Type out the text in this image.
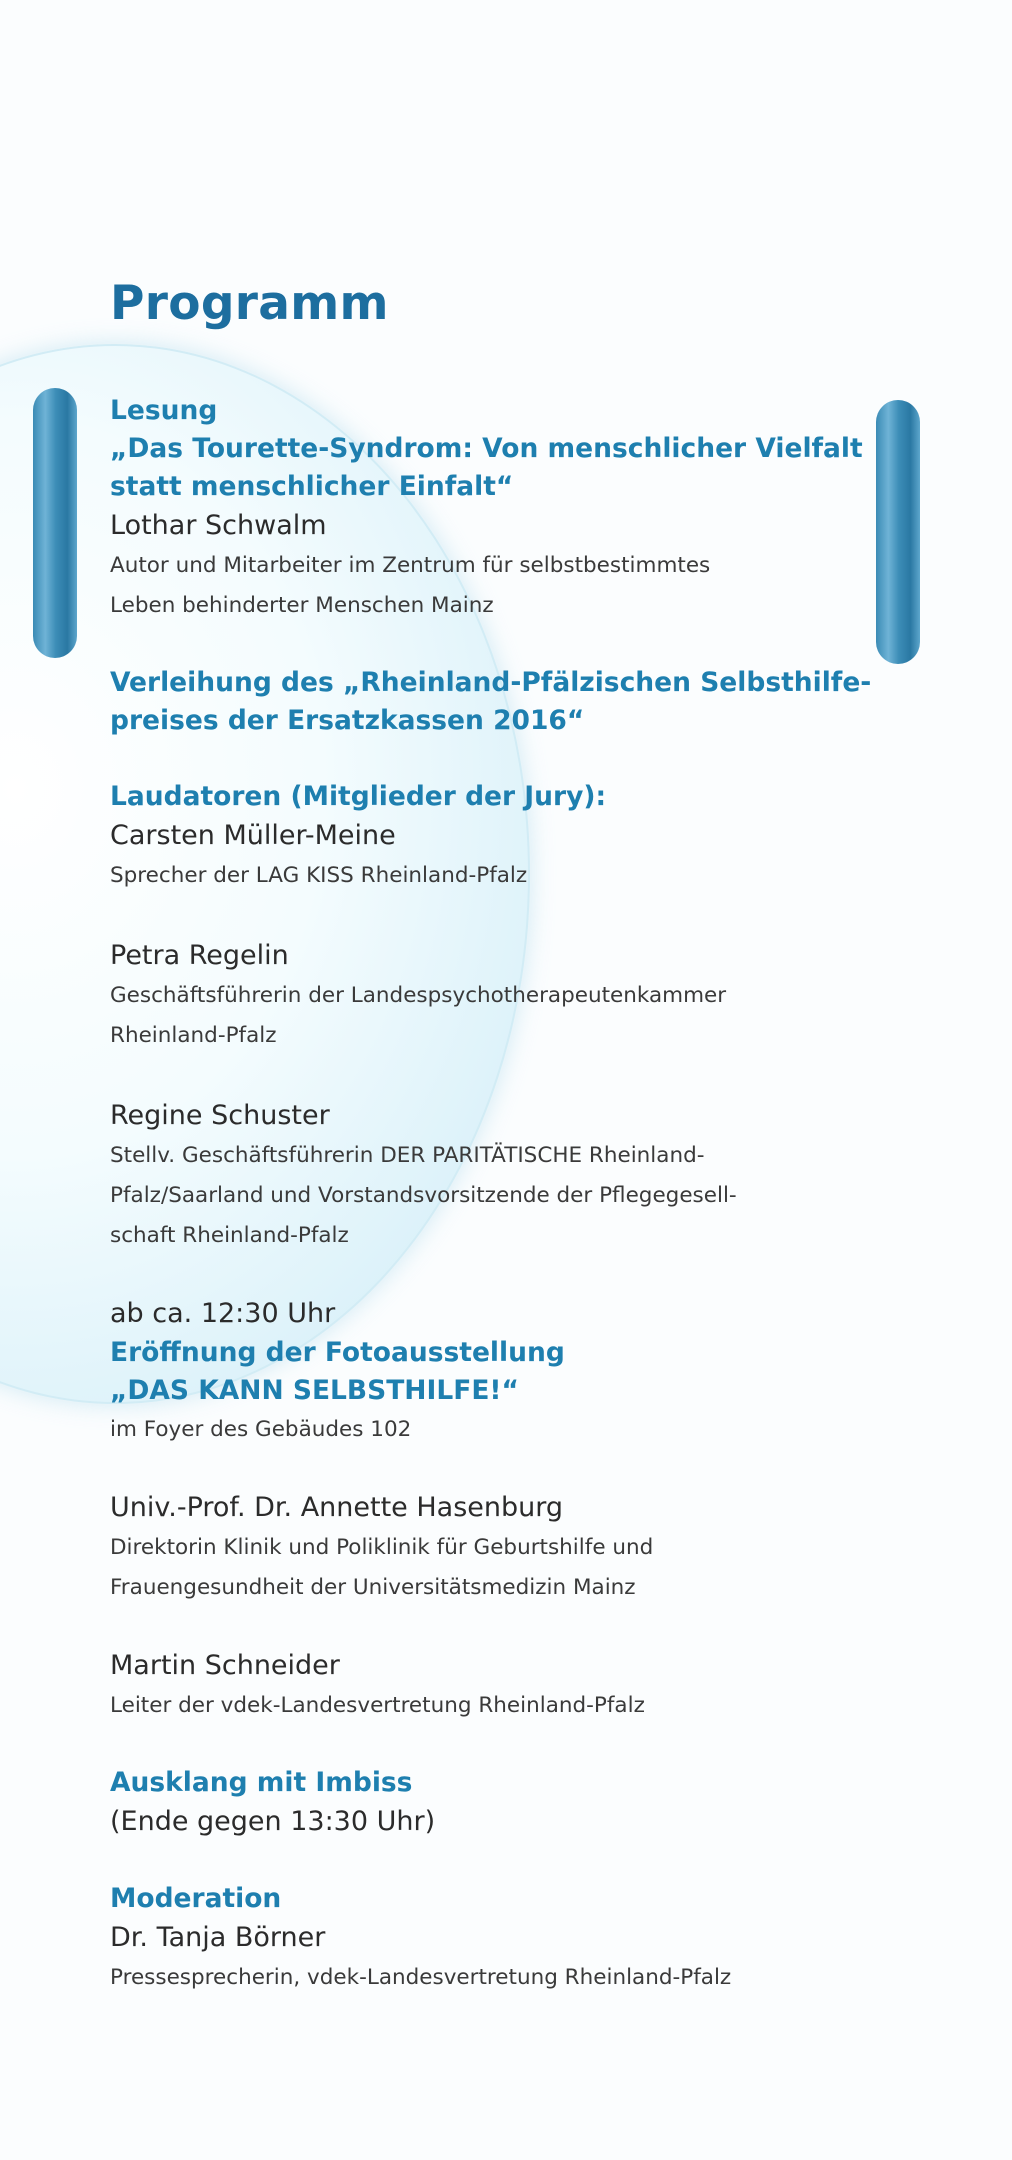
Programm
Lesung
„Das Tourette-Syndrom: Von menschlicher Vielfalt
statt menschlicher Einfalt“
Lothar Schwalm
Autor und Mitarbeiter im Zentrum für selbstbestimmtes
Leben behinderter Menschen Mainz
Verleihung des „Rheinland-Pfälzischen Selbsthilfe-
preises der Ersatzkassen 2016“
Laudatoren (Mitglieder der Jury):
Carsten Müller-Meine
Sprecher der LAG KISS Rheinland-Pfalz
Petra Regelin
Geschäftsführerin der Landespsychotherapeutenkammer
Rheinland-Pfalz
Regine Schuster
Stellv. Geschäftsführerin DER PARITÄTISCHE Rheinland-
Pfalz/Saarland und Vorstandsvorsitzende der Pflegegesell-
schaft Rheinland-Pfalz
ab ca. 12:30 Uhr
Eröffnung der Fotoausstellung
„DAS KANN SELBSTHILFE!“
im Foyer des Gebäudes 102
Univ.-Prof. Dr. Annette Hasenburg
Direktorin Klinik und Poliklinik für Geburtshilfe und
Frauengesundheit der Universitätsmedizin Mainz
Martin Schneider
Leiter der vdek-Landesvertretung Rheinland-Pfalz
Ausklang mit Imbiss
(Ende gegen 13:30 Uhr)
Moderation
Dr. Tanja Börner
Pressesprecherin, vdek-Landesvertretung Rheinland-Pfalz
